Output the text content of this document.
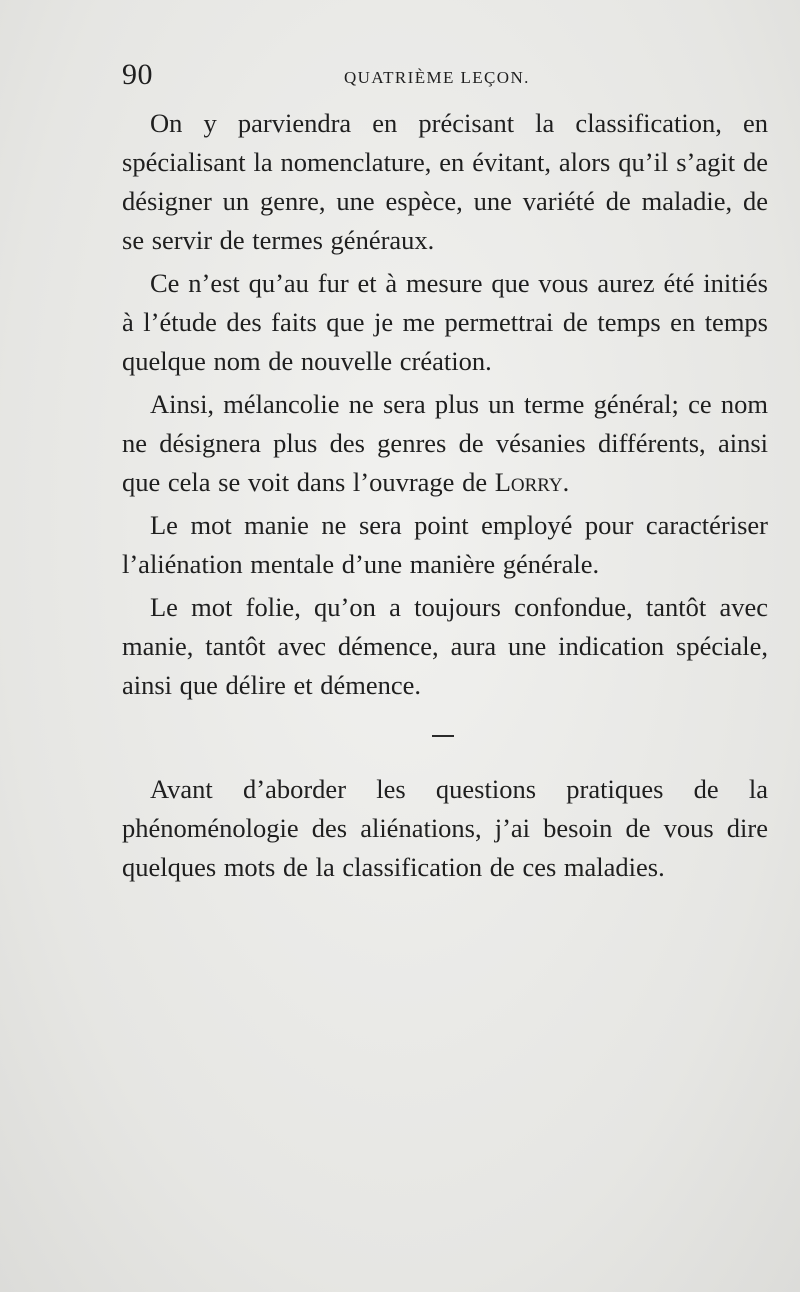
90	QUATRIÈME LEÇON.

On y parviendra en précisant la classification, en spécialisant la nomenclature, en évitant, alors qu’il s’agit de désigner un genre, une espèce, une variété de maladie, de se servir de termes généraux.

Ce n’est qu’au fur et à mesure que vous aurez été initiés à l’étude des faits que je me permettrai de temps en temps quelque nom de nouvelle création.

Ainsi, mélancolie ne sera plus un terme général; ce nom ne désignera plus des genres de vésanies différents, ainsi que cela se voit dans l’ouvrage de Lorry.

Le mot manie ne sera point employé pour caractériser l’aliénation mentale d’une manière générale.

Le mot folie, qu’on a toujours confondue, tantôt avec manie, tantôt avec démence, aura une indication spéciale, ainsi que délire et démence.

Avant d’aborder les questions pratiques de la phénoménologie des aliénations, j’ai besoin de vous dire quelques mots de la classification de ces maladies.
